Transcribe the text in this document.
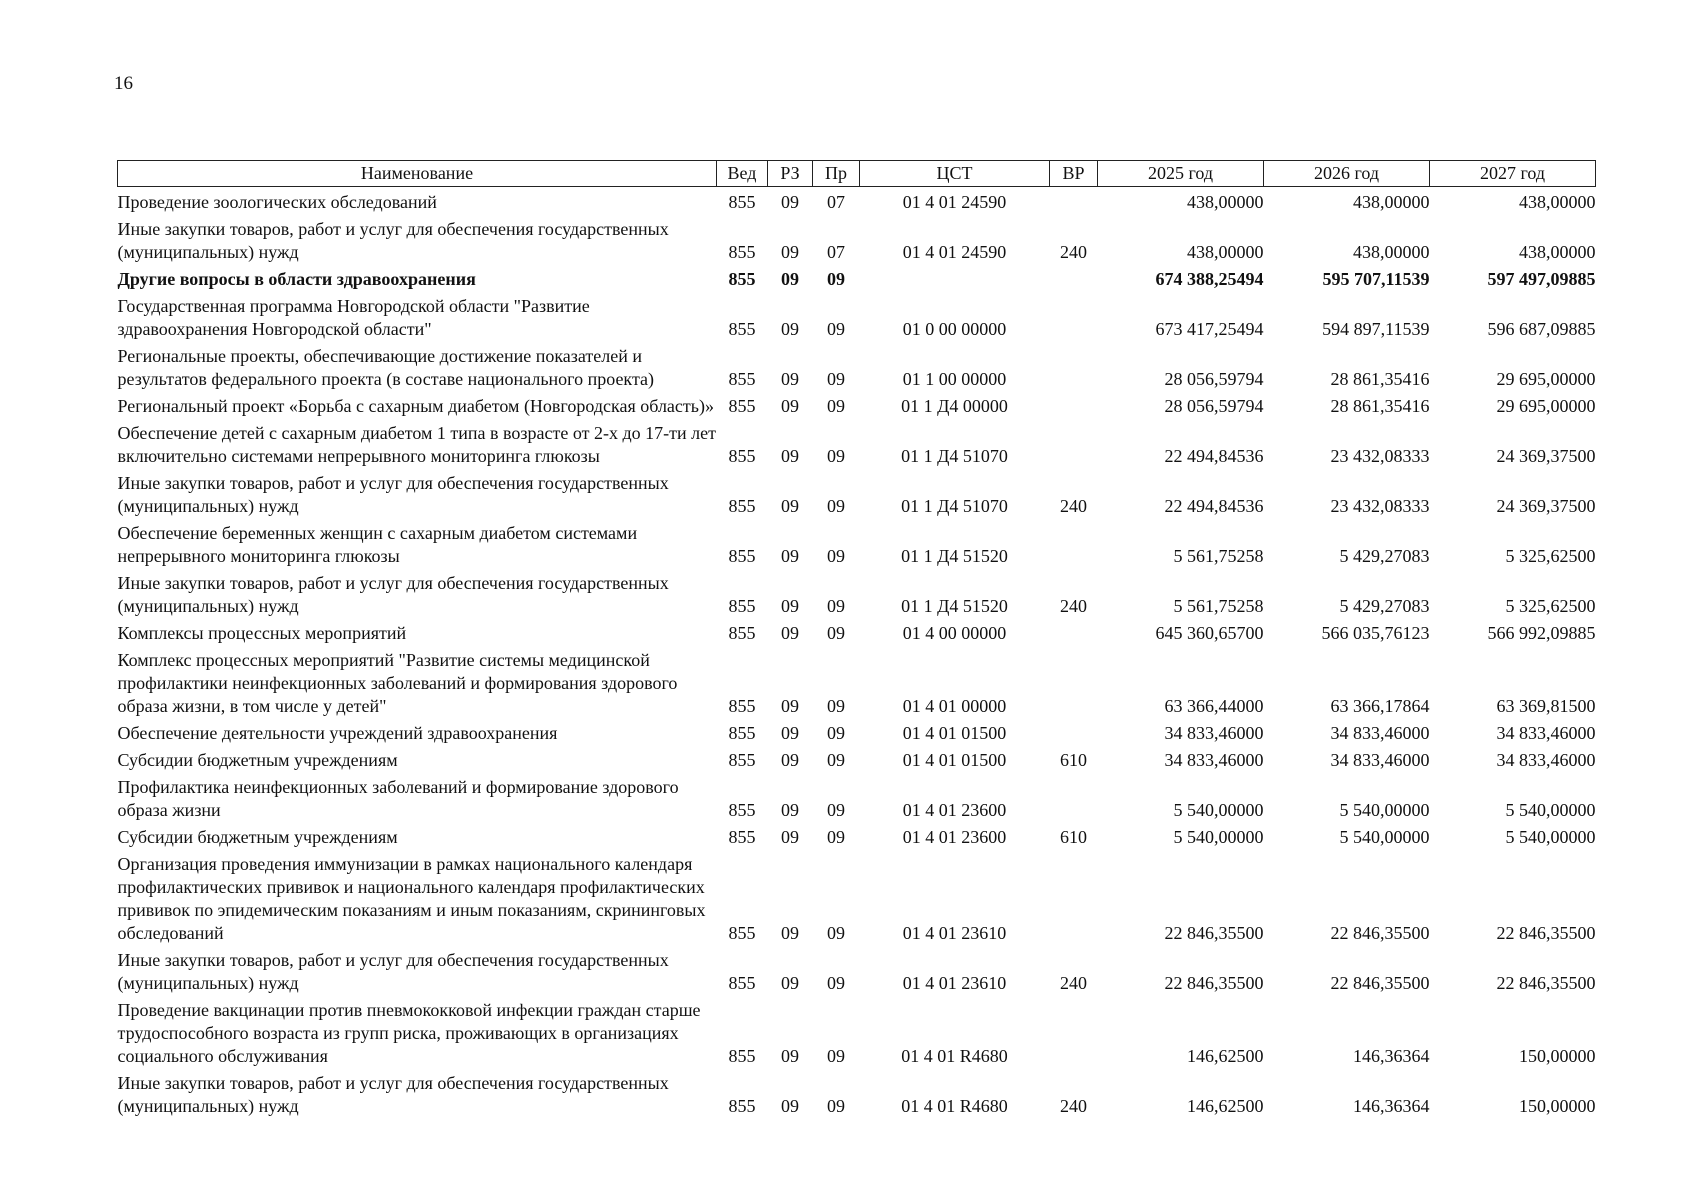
16
Наименование	Вед	РЗ	Пр	ЦСТ	ВР	2025 год	2026 год	2027 год
Проведение зоологических обследований	855	09	07	01 4 01 24590		438,00000	438,00000	438,00000
Иные закупки товаров, работ и услуг для обеспечения государственных (муниципальных) нужд	855	09	07	01 4 01 24590	240	438,00000	438,00000	438,00000
Другие вопросы в области здравоохранения	855	09	09			674 388,25494	595 707,11539	597 497,09885
Государственная программа Новгородской области "Развитие здравоохранения Новгородской области"	855	09	09	01 0 00 00000		673 417,25494	594 897,11539	596 687,09885
Региональные проекты, обеспечивающие достижение показателей и результатов федерального проекта (в составе национального проекта)	855	09	09	01 1 00 00000		28 056,59794	28 861,35416	29 695,00000
Региональный проект «Борьба с сахарным диабетом (Новгородская область)»	855	09	09	01 1 Д4 00000		28 056,59794	28 861,35416	29 695,00000
Обеспечение детей с сахарным диабетом 1 типа в возрасте от 2-х до 17-ти лет включительно системами непрерывного мониторинга глюкозы	855	09	09	01 1 Д4 51070		22 494,84536	23 432,08333	24 369,37500
Иные закупки товаров, работ и услуг для обеспечения государственных (муниципальных) нужд	855	09	09	01 1 Д4 51070	240	22 494,84536	23 432,08333	24 369,37500
Обеспечение беременных женщин с сахарным диабетом системами непрерывного мониторинга глюкозы	855	09	09	01 1 Д4 51520		5 561,75258	5 429,27083	5 325,62500
Иные закупки товаров, работ и услуг для обеспечения государственных (муниципальных) нужд	855	09	09	01 1 Д4 51520	240	5 561,75258	5 429,27083	5 325,62500
Комплексы процессных мероприятий	855	09	09	01 4 00 00000		645 360,65700	566 035,76123	566 992,09885
Комплекс процессных мероприятий "Развитие системы медицинской профилактики неинфекционных заболеваний и формирования здорового образа жизни, в том числе у детей"	855	09	09	01 4 01 00000		63 366,44000	63 366,17864	63 369,81500
Обеспечение деятельности учреждений здравоохранения	855	09	09	01 4 01 01500		34 833,46000	34 833,46000	34 833,46000
Субсидии бюджетным учреждениям	855	09	09	01 4 01 01500	610	34 833,46000	34 833,46000	34 833,46000
Профилактика неинфекционных заболеваний и формирование здорового образа жизни	855	09	09	01 4 01 23600		5 540,00000	5 540,00000	5 540,00000
Субсидии бюджетным учреждениям	855	09	09	01 4 01 23600	610	5 540,00000	5 540,00000	5 540,00000
Организация проведения иммунизации в рамках национального календаря профилактических прививок и национального календаря профилактических прививок по эпидемическим показаниям и иным показаниям, скрининговых обследований	855	09	09	01 4 01 23610		22 846,35500	22 846,35500	22 846,35500
Иные закупки товаров, работ и услуг для обеспечения государственных (муниципальных) нужд	855	09	09	01 4 01 23610	240	22 846,35500	22 846,35500	22 846,35500
Проведение вакцинации против пневмококковой инфекции граждан старше трудоспособного возраста из групп риска, проживающих в организациях социального обслуживания	855	09	09	01 4 01 R4680		146,62500	146,36364	150,00000
Иные закупки товаров, работ и услуг для обеспечения государственных (муниципальных) нужд	855	09	09	01 4 01 R4680	240	146,62500	146,36364	150,00000
